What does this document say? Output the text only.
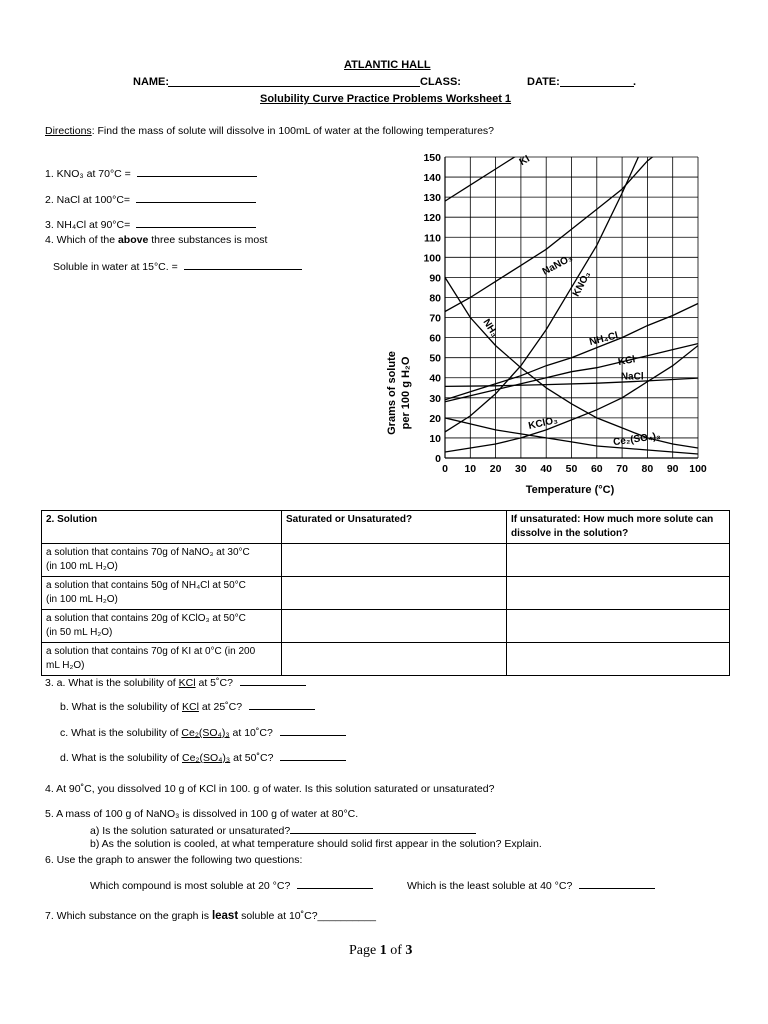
ATLANTIC HALL
NAME:	CLASS:	DATE:	.
Solubility Curve Practice Problems Worksheet 1
Directions: Find the mass of solute will dissolve in 100mL of water at the following temperatures?
1. KNO₃ at 70°C =
2. NaCl at 100°C=
3. NH₄Cl at 90°C=
4. Which of the above three substances is most
Soluble in water at 15°C. =
0
10
20
30
40
50
60
70
80
90
100
110
120
130
140
150
0 10 20 30 40 50 60 70 80 90 100
KI
NaNO₃
KNO₃
NH₃	NH₄Cl
KCl
NaCl
KClO₃
Ce₂(SO₄)₃
Grams of solute per 100 g H₂O
Temperature (°C)
2. Solution	Saturated or Unsaturated?	If unsaturated: How much more solute can dissolve in the solution?
a solution that contains 70g of NaNO₃ at 30°C
(in 100 mL H₂O)		
a solution that contains 50g of NH₄Cl at 50°C
(in 100 mL H₂O)		
a solution that contains 20g of KClO₃ at 50°C
(in 50 mL H₂O)		
a solution that contains 70g of KI at 0°C (in 200
mL H₂O)		
3. a. What is the solubility of KCl at 5˚C?
b. What is the solubility of KCl at 25˚C?
c. What is the solubility of Ce₂(SO₄)₃ at 10˚C?
d. What is the solubility of Ce₂(SO₄)₃ at 50˚C?
4. At 90˚C, you dissolved 10 g of KCl in 100. g of water. Is this solution saturated or unsaturated?
5. A mass of 100 g of NaNO₃ is dissolved in 100 g of water at 80°C.
a) Is the solution saturated or unsaturated?
b) As the solution is cooled, at what temperature should solid first appear in the solution? Explain.
6. Use the graph to answer the following two questions:
Which compound is most soluble at 20 °C?	Which is the least soluble at 40 °C?
7. Which substance on the graph is least soluble at 10˚C?__________
Page 1 of 3
